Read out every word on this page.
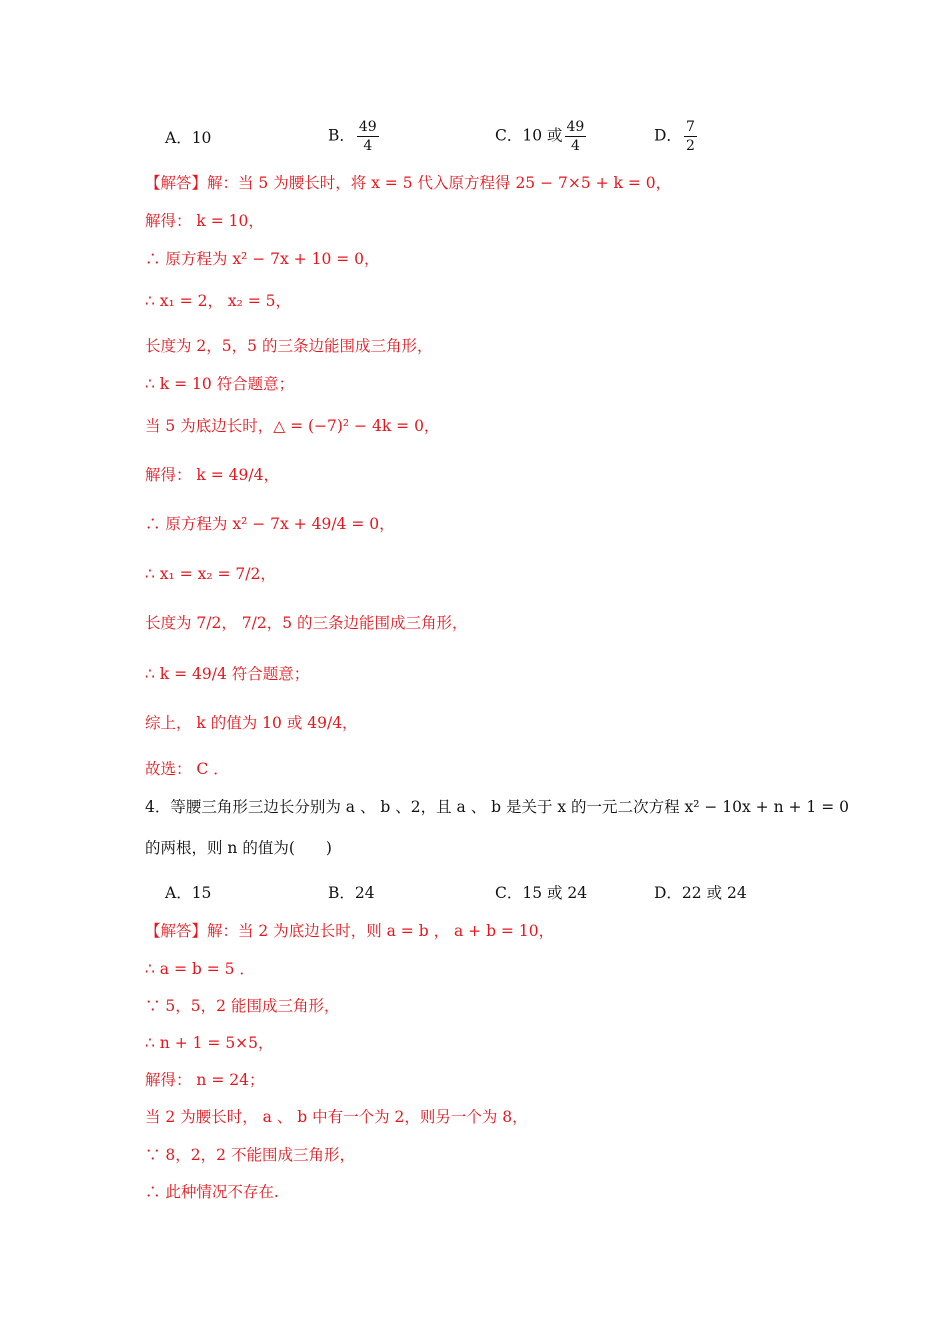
A．10	B． $\frac{49}{4}$	C．10 或 $\frac{49}{4}$	D． $\frac{7}{2}$
【解答】解：当 5 为腰长时，将 x = 5 代入原方程得 25 − 7×5 + k = 0，
解得： k = 10，
∴ 原方程为 x² − 7x + 10 = 0，
∴ x₁ = 2， x₂ = 5，
长度为 2，5，5 的三条边能围成三角形，
∴ k = 10 符合题意；
当 5 为底边长时，△ = (−7)² − 4k = 0，
解得： k = 49/4，
∴ 原方程为 x² − 7x + 49/4 = 0，
∴ x₁ = x₂ = 7/2，
长度为 7/2， 7/2，5 的三条边能围成三角形，
∴ k = 49/4 符合题意；
综上， k 的值为 10 或 49/4，
故选： C ．
4．等腰三角形三边长分别为 a 、 b 、2，且 a 、 b 是关于 x 的一元二次方程 x² − 10x + n + 1 = 0
的两根，则 n 的值为(　　)
A．15	B．24	C．15 或 24	D．22 或 24
【解答】解：当 2 为底边长时，则 a = b ， a + b = 10，
∴ a = b = 5 ．
∵ 5，5，2 能围成三角形，
∴ n + 1 = 5×5，
解得： n = 24；
当 2 为腰长时， a 、 b 中有一个为 2，则另一个为 8，
∵ 8，2，2 不能围成三角形，
∴ 此种情况不存在.
